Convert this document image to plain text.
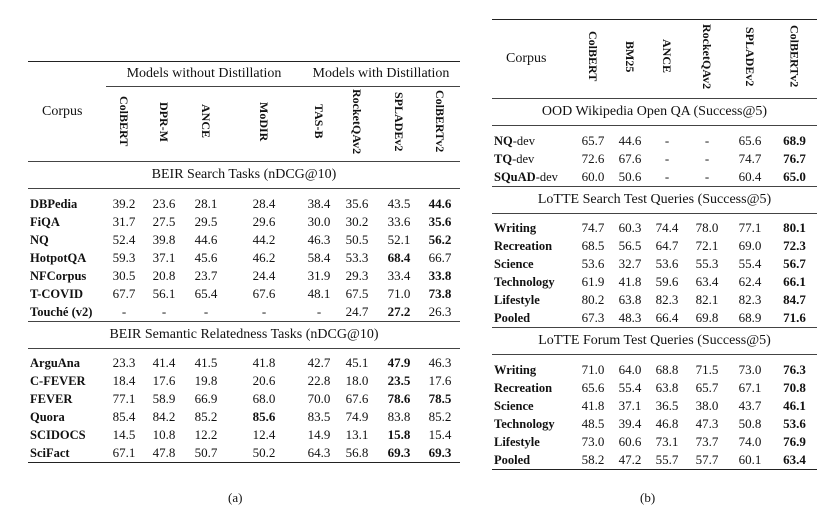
Corpus	Models without Distillation				Models with Distillation			
	ColBERT	DPR-M	ANCE	MoDIR	TAS-B	RocketQAv2	SPLADEv2	ColBERTv2
BEIR Search Tasks (nDCG@10)								
DBPedia	39.2	23.6	28.1	28.4	38.4	35.6	43.5	44.6
FiQA	31.7	27.5	29.5	29.6	30.0	30.2	33.6	35.6
NQ	52.4	39.8	44.6	44.2	46.3	50.5	52.1	56.2
HotpotQA	59.3	37.1	45.6	46.2	58.4	53.3	68.4	66.7
NFCorpus	30.5	20.8	23.7	24.4	31.9	29.3	33.4	33.8
T-COVID	67.7	56.1	65.4	67.6	48.1	67.5	71.0	73.8
Touché (v2)	-	-	-	-	-	24.7	27.2	26.3
BEIR Semantic Relatedness Tasks (nDCG@10)								
ArguAna	23.3	41.4	41.5	41.8	42.7	45.1	47.9	46.3
C-FEVER	18.4	17.6	19.8	20.6	22.8	18.0	23.5	17.6
FEVER	77.1	58.9	66.9	68.0	70.0	67.6	78.6	78.5
Quora	85.4	84.2	85.2	85.6	83.5	74.9	83.8	85.2
SCIDOCS	14.5	10.8	12.2	12.4	14.9	13.1	15.8	15.4
SciFact	67.1	47.8	50.7	50.2	64.3	56.8	69.3	69.3
(a)
Corpus	ColBERT	BM25	ANCE	RocketQAv2	SPLADEv2	ColBERTv2
OOD Wikipedia Open QA (Success@5)						
NQ-dev	65.7	44.6	-	-	65.6	68.9
TQ-dev	72.6	67.6	-	-	74.7	76.7
SQuAD-dev	60.0	50.6	-	-	60.4	65.0
LoTTE Search Test Queries (Success@5)						
Writing	74.7	60.3	74.4	78.0	77.1	80.1
Recreation	68.5	56.5	64.7	72.1	69.0	72.3
Science	53.6	32.7	53.6	55.3	55.4	56.7
Technology	61.9	41.8	59.6	63.4	62.4	66.1
Lifestyle	80.2	63.8	82.3	82.1	82.3	84.7
Pooled	67.3	48.3	66.4	69.8	68.9	71.6
LoTTE Forum Test Queries (Success@5)						
Writing	71.0	64.0	68.8	71.5	73.0	76.3
Recreation	65.6	55.4	63.8	65.7	67.1	70.8
Science	41.8	37.1	36.5	38.0	43.7	46.1
Technology	48.5	39.4	46.8	47.3	50.8	53.6
Lifestyle	73.0	60.6	73.1	73.7	74.0	76.9
Pooled	58.2	47.2	55.7	57.7	60.1	63.4
(b)
